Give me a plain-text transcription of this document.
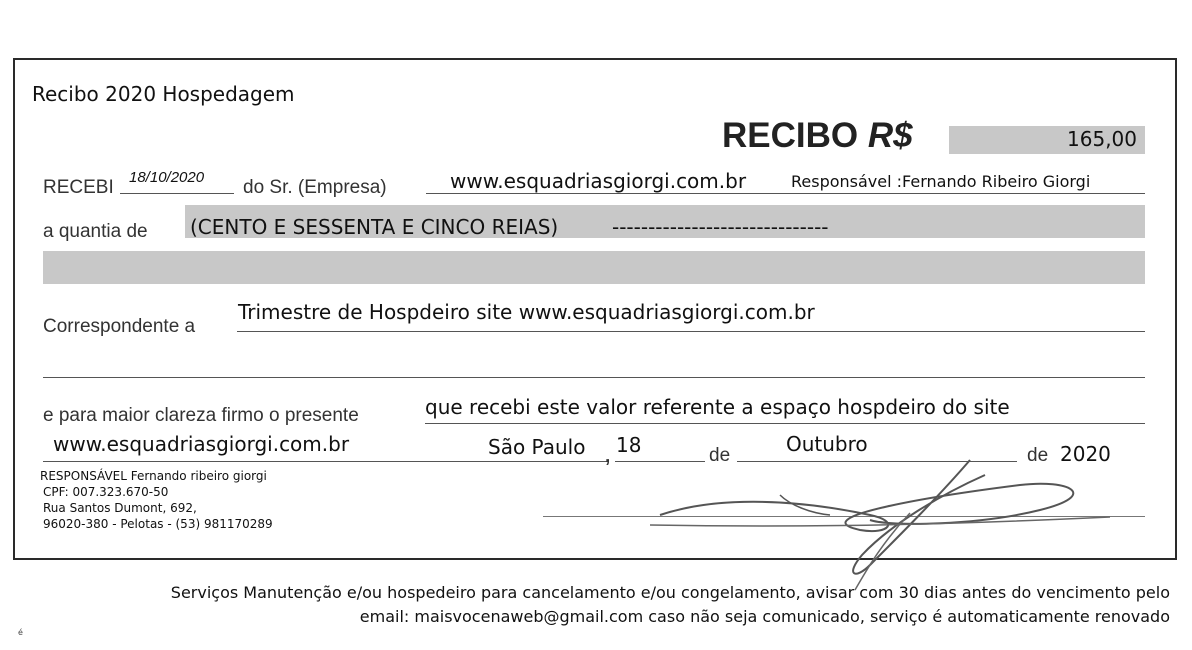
Recibo 2020 Hospedagem
RECIBO R$	165,00
RECEBI 18/10/2020 do Sr. (Empresa)	www.esquadriasgiorgi.com.br	Responsável :Fernando Ribeiro Giorgi
a quantia de (CENTO E SESSENTA E CINCO REIAS)	------------------------------
Correspondente a
Trimestre de Hospdeiro site www.esquadriasgiorgi.com.br
e para maior clareza firmo o presente	que recebi este valor referente a espaço hospdeiro do site
www.esquadriasgiorgi.com.br	São Paulo , 18	de	Outubro	de 2020
RESPONSÁVEL Fernando ribeiro giorgi
CPF: 007.323.670-50
Rua Santos Dumont, 692,
96020-380 - Pelotas - (53) 981170289
Serviços Manutenção e/ou hospedeiro para cancelamento e/ou congelamento, avisar com 30 dias antes do vencimento pelo
email: maisvocenaweb@gmail.com caso não seja comunicado, serviço é automaticamente renovado
é
